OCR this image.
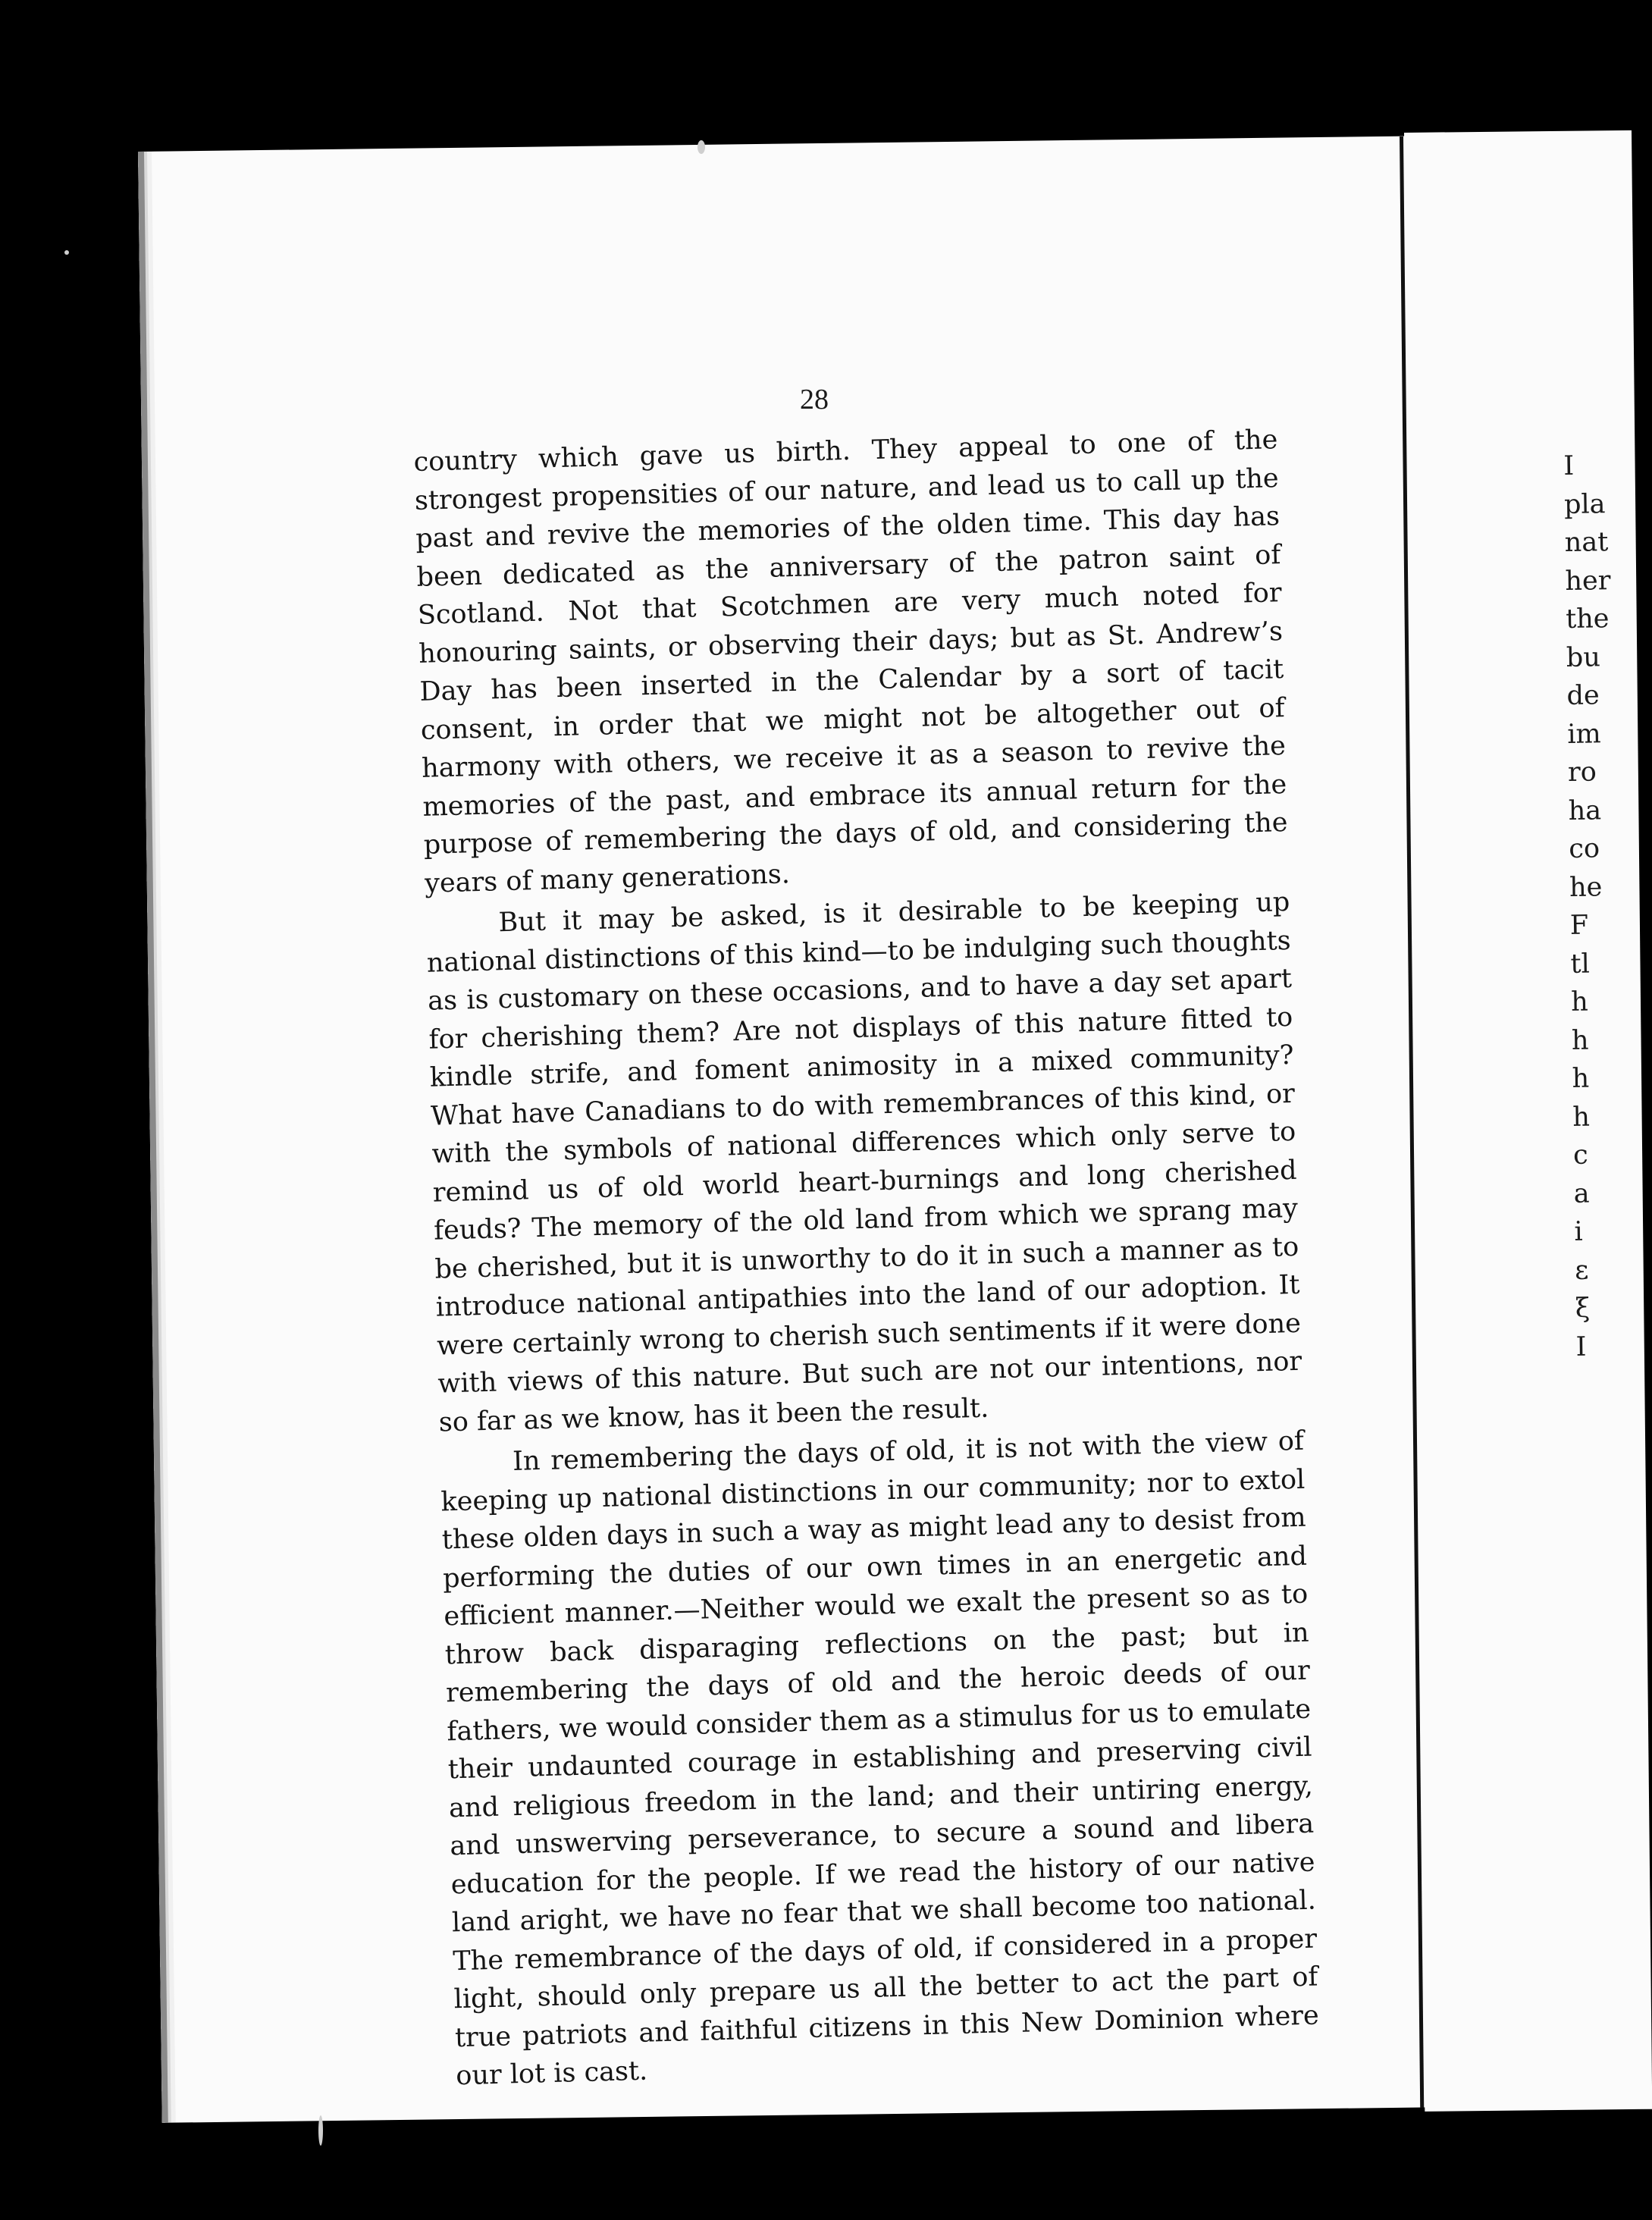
28

country which gave us birth. They appeal to one of the strongest propensities of our nature, and lead us to call up the past and revive the memories of the olden time. This day has been dedicated as the anniversary of the patron saint of Scotland. Not that Scotchmen are very much noted for honouring saints, or observing their days; but as St. Andrew’s Day has been inserted in the Calendar by a sort of tacit consent, in order that we might not be altogether out of harmony with others, we receive it as a season to revive the memories of the past, and embrace its annual return for the purpose of remembering the days of old, and considering the years of many generations.

But it may be asked, is it desirable to be keeping up national distinctions of this kind—to be indulging such thoughts as is customary on these occasions, and to have a day set apart for cherishing them? Are not displays of this nature fitted to kindle strife, and foment animosity in a mixed community? What have Canadians to do with remembrances of this kind, or with the symbols of national differences which only serve to remind us of old world heart-burnings and long cherished feuds? The memory of the old land from which we sprang may be cherished, but it is unworthy to do it in such a manner as to introduce national antipathies into the land of our adoption. It were certainly wrong to cherish such sentiments if it were done with views of this nature. But such are not our intentions, nor so far as we know, has it been the result.

In remembering the days of old, it is not with the view of keeping up national distinctions in our community; nor to extol these olden days in such a way as might lead any to desist from performing the duties of our own times in an energetic and efficient manner.—Neither would we exalt the present so as to throw back disparaging reflections on the past; but in remembering the days of old and the heroic deeds of our fathers, we would consider them as a stimulus for us to emulate their undaunted courage in establishing and preserving civil and religious freedom in the land; and their untiring energy, and unswerving perseverance, to secure a sound and libera education for the people. If we read the history of our native land aright, we have no fear that we shall become too national. The remembrance of the days of old, if considered in a proper light, should only prepare us all the better to act the part of true patriots and faithful citizens in this New Dominion where our lot is cast.

I
pla
nat
her
the
bu
de
im
ro
ha
co
he
F
tl
h
h
h
h
c
a
i
ε
ξ
I
